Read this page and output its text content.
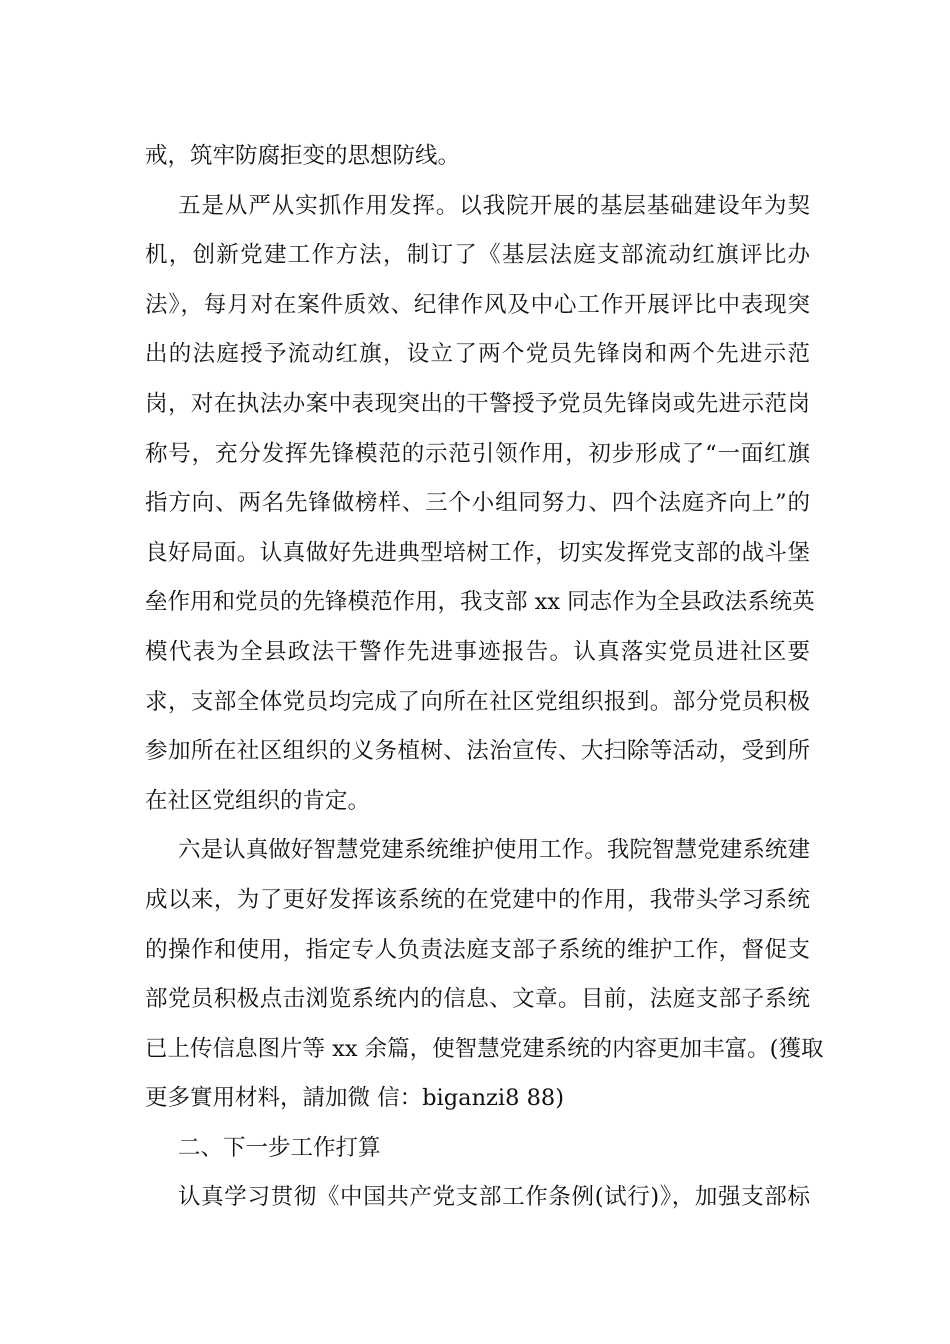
戒，筑牢防腐拒变的思想防线。
五是从严从实抓作用发挥。以我院开展的基层基础建设年为契
机，创新党建工作方法，制订了《基层法庭支部流动红旗评比办
法》，每月对在案件质效、纪律作风及中心工作开展评比中表现突
出的法庭授予流动红旗，设立了两个党员先锋岗和两个先进示范
岗，对在执法办案中表现突出的干警授予党员先锋岗或先进示范岗
称号，充分发挥先锋模范的示范引领作用，初步形成了“一面红旗
指方向、两名先锋做榜样、三个小组同努力、四个法庭齐向上”的
良好局面。认真做好先进典型培树工作，切实发挥党支部的战斗堡
垒作用和党员的先锋模范作用，我支部 xx 同志作为全县政法系统英
模代表为全县政法干警作先进事迹报告。认真落实党员进社区要
求，支部全体党员均完成了向所在社区党组织报到。部分党员积极
参加所在社区组织的义务植树、法治宣传、大扫除等活动，受到所
在社区党组织的肯定。
六是认真做好智慧党建系统维护使用工作。我院智慧党建系统建
成以来，为了更好发挥该系统的在党建中的作用，我带头学习系统
的操作和使用，指定专人负责法庭支部子系统的维护工作，督促支
部党员积极点击浏览系统内的信息、文章。目前，法庭支部子系统
已上传信息图片等 xx 余篇，使智慧党建系统的内容更加丰富。(獲取
更多實用材料，請加微 信：biganzi8 88)
二、下一步工作打算
认真学习贯彻《中国共产党支部工作条例(试行)》，加强支部标
